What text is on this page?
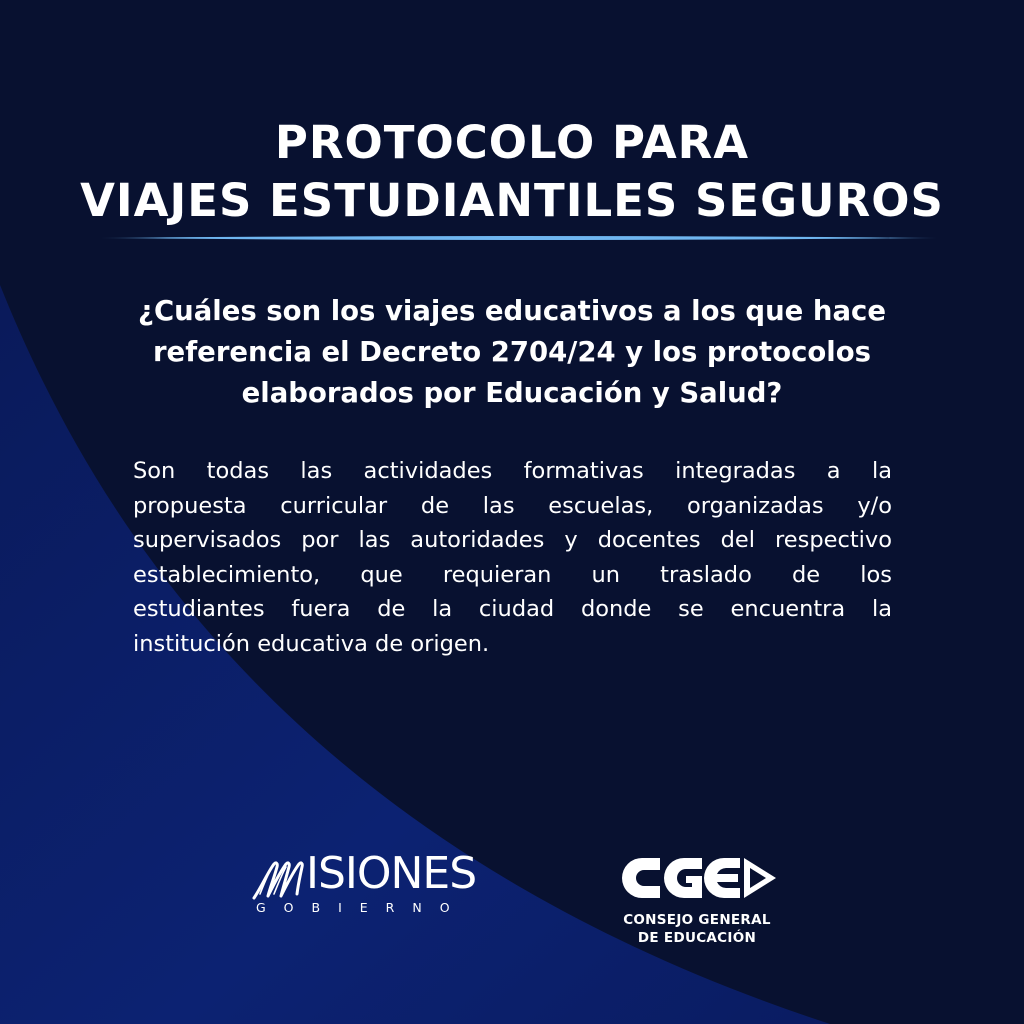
PROTOCOLO PARA
VIAJES ESTUDIANTILES SEGUROS
¿Cuáles son los viajes educativos a los que hace
referencia el Decreto 2704/24 y los protocolos
elaborados por Educación y Salud?
Son todas las actividades formativas integradas a la
propuesta curricular de las escuelas, organizadas y/o
supervisados por las autoridades y docentes del respectivo
establecimiento, que requieran un traslado de los
estudiantes fuera de la ciudad donde se encuentra la
institución educativa de origen.
ISIONES
GOBIERNO
CONSEJO GENERAL
DE EDUCACIÓN
